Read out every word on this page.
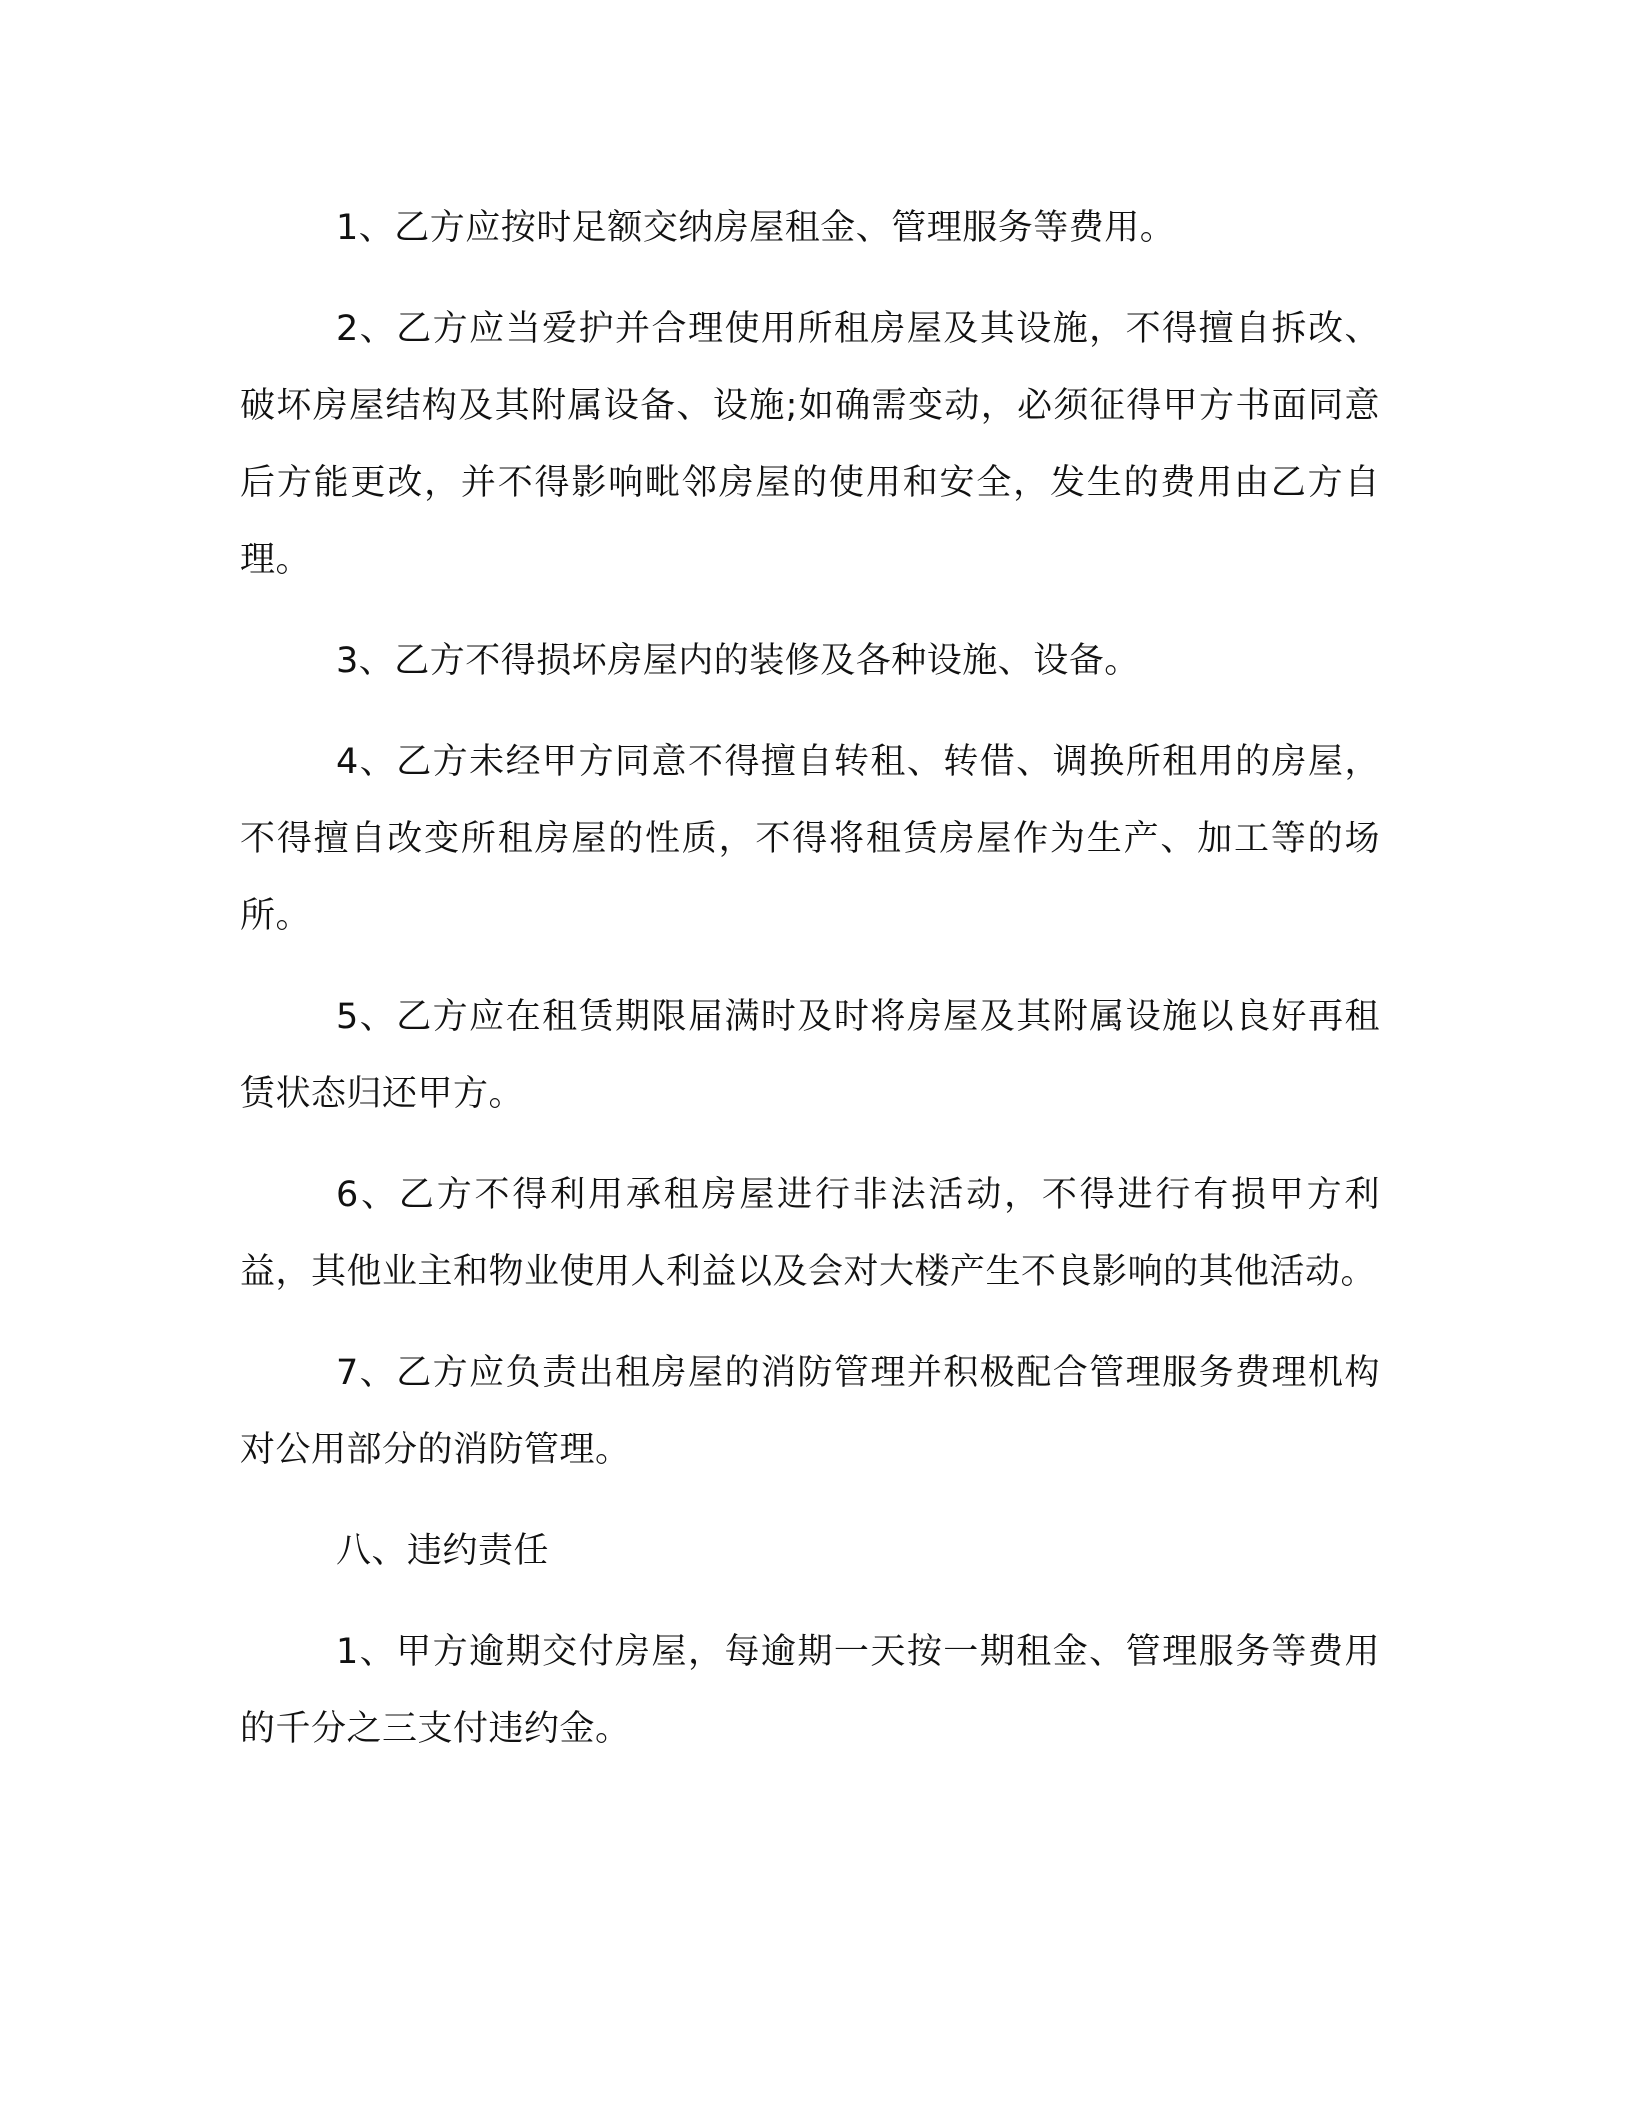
1、乙方应按时足额交纳房屋租金、管理服务等费用。

2、乙方应当爱护并合理使用所租房屋及其设施，不得擅自拆改、破坏房屋结构及其附属设备、设施;如确需变动，必须征得甲方书面同意后方能更改，并不得影响毗邻房屋的使用和安全，发生的费用由乙方自理。

3、乙方不得损坏房屋内的装修及各种设施、设备。

4、乙方未经甲方同意不得擅自转租、转借、调换所租用的房屋，不得擅自改变所租房屋的性质，不得将租赁房屋作为生产、加工等的场所。

5、乙方应在租赁期限届满时及时将房屋及其附属设施以良好再租赁状态归还甲方。

6、乙方不得利用承租房屋进行非法活动，不得进行有损甲方利益，其他业主和物业使用人利益以及会对大楼产生不良影响的其他活动。

7、乙方应负责出租房屋的消防管理并积极配合管理服务费理机构对公用部分的消防管理。

八、违约责任

1、甲方逾期交付房屋，每逾期一天按一期租金、管理服务等费用的千分之三支付违约金。
